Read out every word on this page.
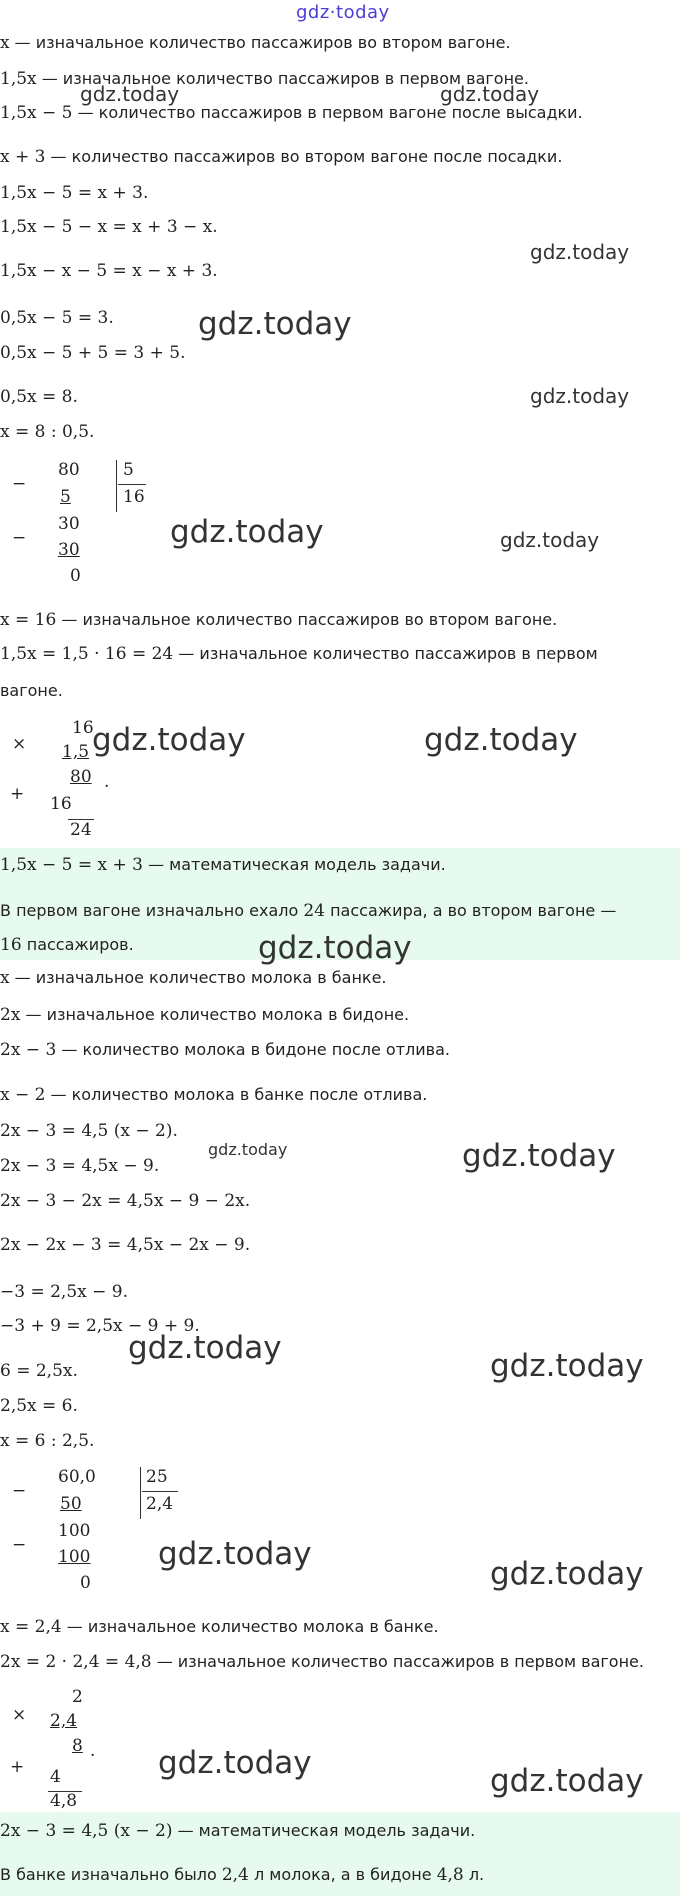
gdz·today
x — изначальное количество пассажиров во втором вагоне.
1,5x — изначальное количество пассажиров в первом вагоне.
1,5x − 5 — количество пассажиров в первом вагоне после высадки.
x + 3 — количество пассажиров во втором вагоне после посадки.
1,5x − 5 = x + 3.
1,5x − 5 − x = x + 3 − x.
1,5x − x − 5 = x − x + 3.
0,5x − 5 = 3.
0,5x − 5 + 5 = 3 + 5.
0,5x = 8.
x = 8 : 0,5.
−
80
5
−
30
30
0
5
16
x = 16 — изначальное количество пассажиров во втором вагоне.
1,5x = 1,5 · 16 = 24 — изначальное количество пассажиров в первом
вагоне.
×
16
1,5
80 .
+ 16
24
1,5x − 5 = x + 3 — математическая модель задачи.
В первом вагоне изначально ехало 24 пассажира, а во втором вагоне —
16 пассажиров.
x — изначальное количество молока в банке.
2x — изначальное количество молока в бидоне.
2x − 3 — количество молока в бидоне после отлива.
x − 2 — количество молока в банке после отлива.
2x − 3 = 4,5 (x − 2).
2x − 3 = 4,5x − 9.
2x − 3 − 2x = 4,5x − 9 − 2x.
2x − 2x − 3 = 4,5x − 2x − 9.
−3 = 2,5x − 9.
−3 + 9 = 2,5x − 9 + 9.
6 = 2,5x.
2,5x = 6.
x = 6 : 2,5.
−
60,0
50
−
100
100
0
25
2,4
x = 2,4 — изначальное количество молока в банке.
2x = 2 · 2,4 = 4,8 — изначальное количество пассажиров в первом вагоне.
×
2
2,4
8 .
+ 4
4,8
2x − 3 = 4,5 (x − 2) — математическая модель задачи.
В банке изначально было 2,4 л молока, а в бидоне 4,8 л.
gdz.today	gdz.today
gdz.today
gdz.today
gdz.today
gdz.today	gdz.today
gdz.today	gdz.today
gdz.today
gdz.today	gdz.today
gdz.today	gdz.today
gdz.today
gdz.today
gdz.today	gdz.today
